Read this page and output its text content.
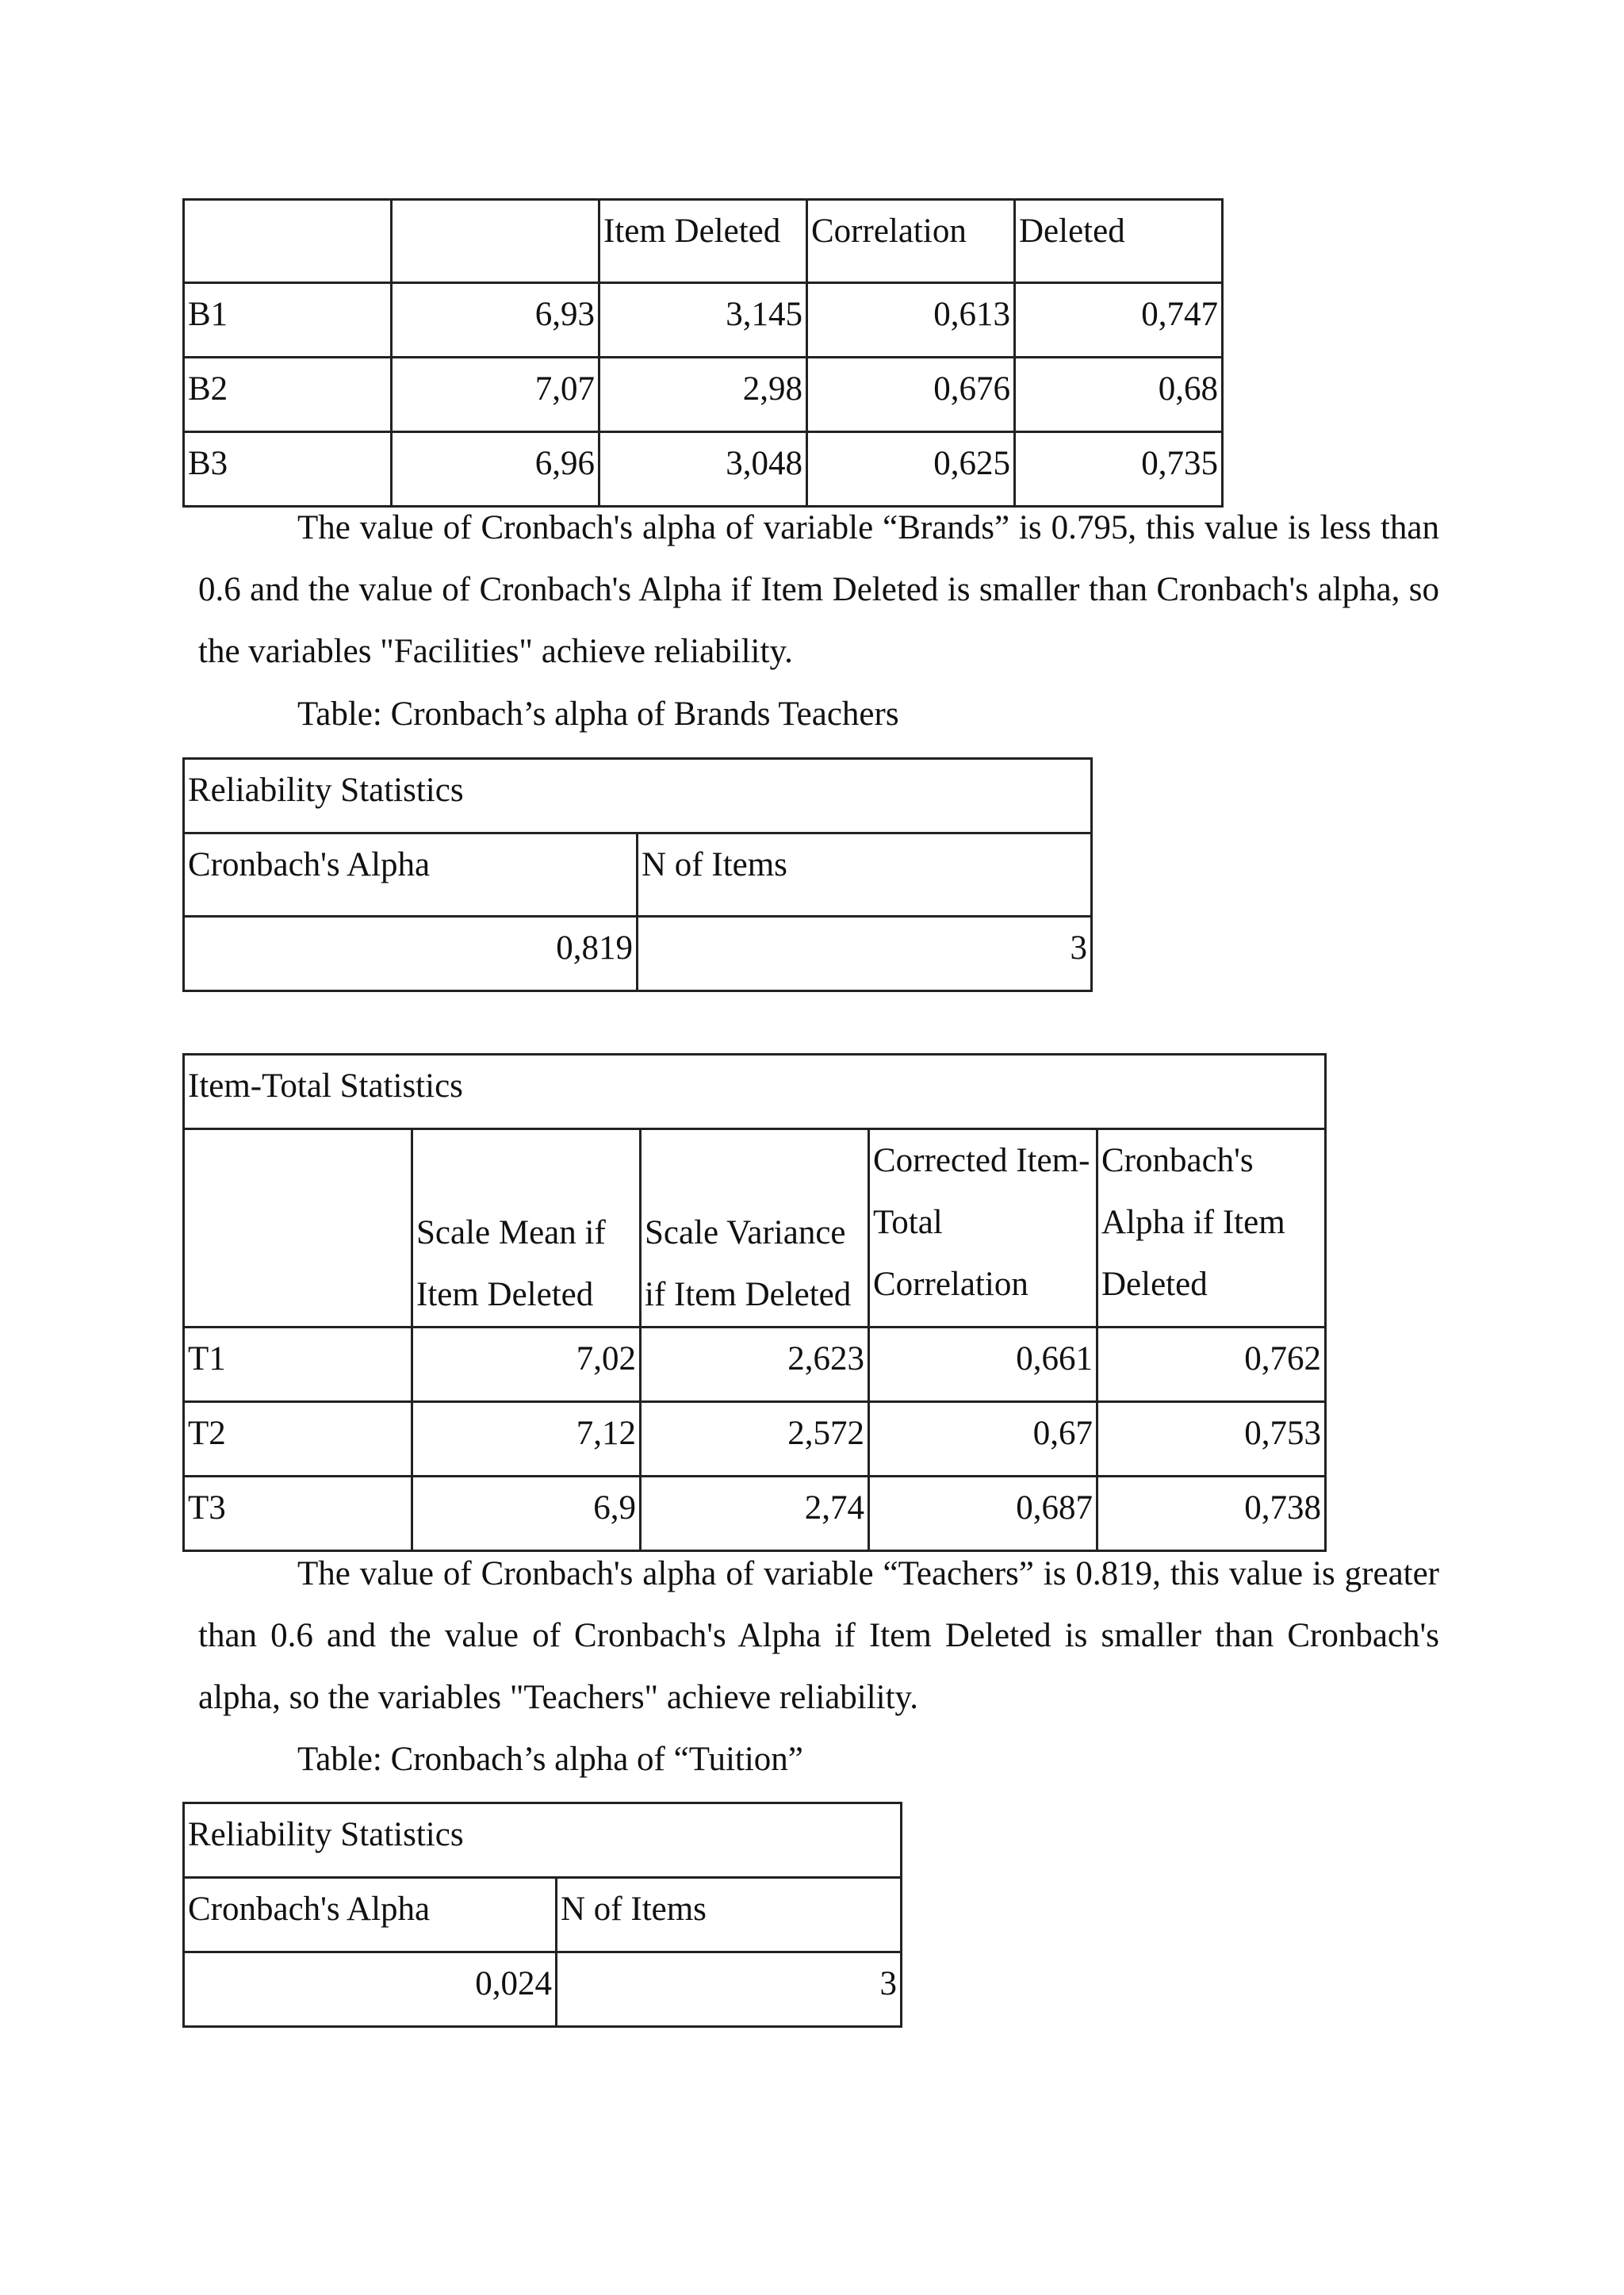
		Item Deleted	Correlation	Deleted
B1	6,93	3,145	0,613	0,747
B2	7,07	2,98	0,676	0,68
B3	6,96	3,048	0,625	0,735

The value of Cronbach's alpha of variable “Brands” is 0.795, this value is less than 0.6 and the value of Cronbach's Alpha if Item Deleted is smaller than Cronbach's alpha, so the variables "Facilities" achieve reliability.

Table: Cronbach’s alpha of Brands Teachers

Reliability Statistics	
Cronbach's Alpha	N of Items
0,819	3
Item-Total Statistics				
	Scale Mean if Item Deleted	Scale Variance if Item Deleted	Corrected Item-Total Correlation	Cronbach's Alpha if Item Deleted
T1	7,02	2,623	0,661	0,762
T2	7,12	2,572	0,67	0,753
T3	6,9	2,74	0,687	0,738

The value of Cronbach's alpha of variable “Teachers” is 0.819, this value is greater than 0.6 and the value of Cronbach's Alpha if Item Deleted is smaller than Cronbach's alpha, so the variables "Teachers" achieve reliability.

Table: Cronbach’s alpha of “Tuition”

Reliability Statistics	
Cronbach's Alpha	N of Items
0,024	3
